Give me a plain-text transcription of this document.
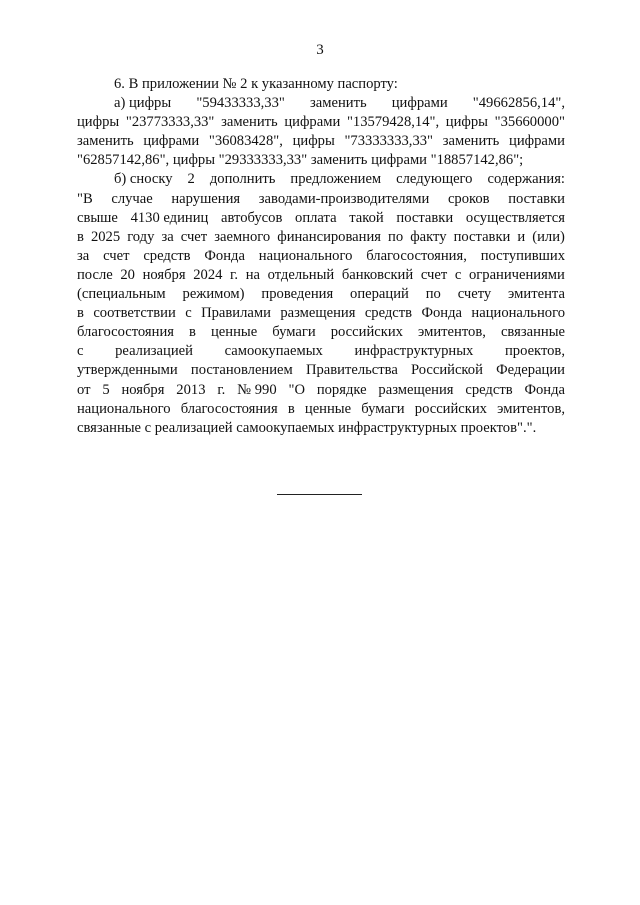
3
6. В приложении № 2 к указанному паспорту:
а) цифры "59433333,33" заменить цифрами "49662856,14",
цифры "23773333,33" заменить цифрами "13579428,14", цифры "35660000"
заменить цифрами "36083428", цифры "73333333,33" заменить цифрами
"62857142,86", цифры "29333333,33" заменить цифрами "18857142,86";
б) сноску 2 дополнить предложением следующего содержания:
"В случае нарушения заводами-производителями сроков поставки
свыше 4130 единиц автобусов оплата такой поставки осуществляется
в 2025 году за счет заемного финансирования по факту поставки и (или)
за счет средств Фонда национального благосостояния, поступивших
после 20 ноября 2024 г. на отдельный банковский счет с ограничениями
(специальным режимом) проведения операций по счету эмитента
в соответствии с Правилами размещения средств Фонда национального
благосостояния в ценные бумаги российских эмитентов, связанные
с реализацией самоокупаемых инфраструктурных проектов,
утвержденными постановлением Правительства Российской Федерации
от 5 ноября 2013 г. № 990 "О порядке размещения средств Фонда
национального благосостояния в ценные бумаги российских эмитентов,
связанные с реализацией самоокупаемых инфраструктурных проектов".".
